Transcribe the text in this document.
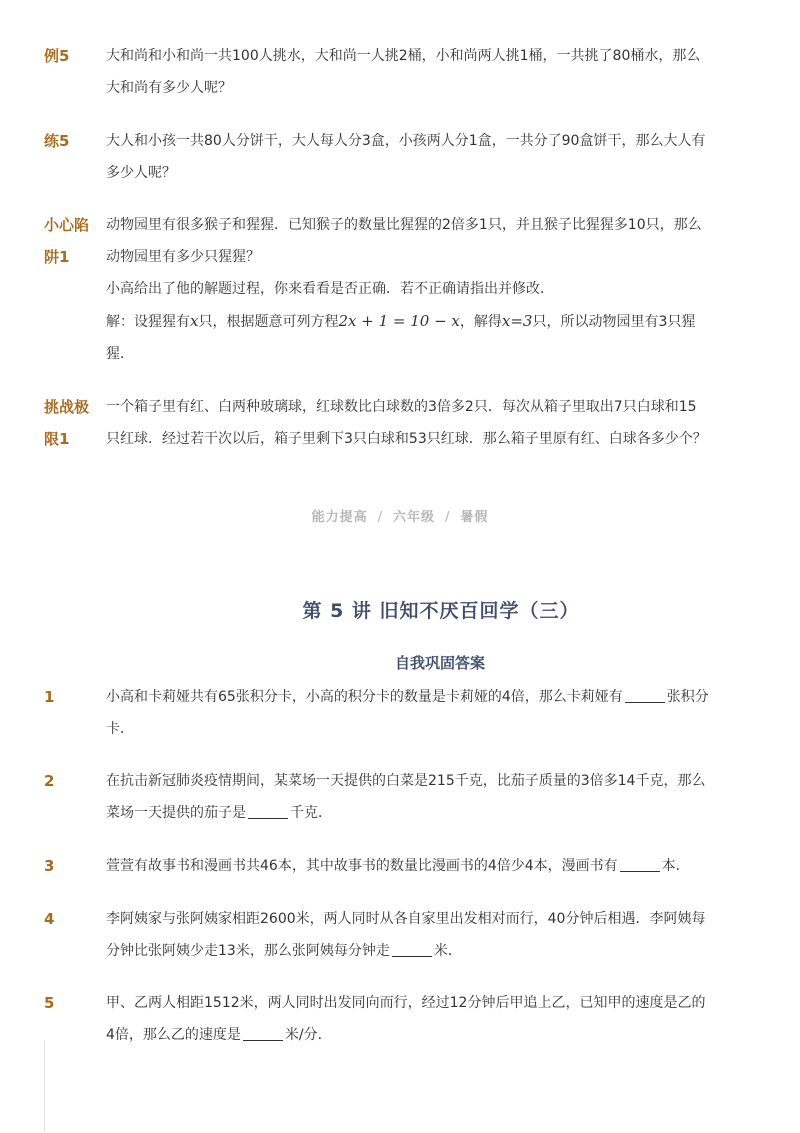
例5	大和尚和小和尚一共100人挑水，大和尚一人挑2桶，小和尚两人挑1桶，一共挑了80桶水，那么

大和尚有多少人呢？

练5	大人和小孩一共80人分饼干，大人每人分3盒，小孩两人分1盒，一共分了90盒饼干，那么大人有

多少人呢？

小心陷
阱1

动物园里有很多猴子和猩猩．已知猴子的数量比猩猩的2倍多1只，并且猴子比猩猩多10只，那么

动物园里有多少只猩猩？

小高给出了他的解题过程，你来看看是否正确．若不正确请指出并修改．

解：设猩猩有x只，根据题意可列方程2x + 1 = 10 − x，解得x=3只，所以动物园里有3只猩

猩．

挑战极
限1

一个箱子里有红、白两种玻璃球，红球数比白球数的3倍多2只．每次从箱子里取出7只白球和15

只红球．经过若干次以后，箱子里剩下3只白球和53只红球．那么箱子里原有红、白球各多少个？

能力提高 / 六年级 / 暑假
第 5 讲 旧知不厌百回学（三）
自我巩固答案
1	小高和卡莉娅共有65张积分卡，小高的积分卡的数量是卡莉娅的4倍，那么卡莉娅有	张积分

卡．

2	在抗击新冠肺炎疫情期间，某菜场一天提供的白菜是215千克，比茄子质量的3倍多14千克，那么

菜场一天提供的茄子是	千克．

3	萱萱有故事书和漫画书共46本，其中故事书的数量比漫画书的4倍少4本，漫画书有	本．

4	李阿姨家与张阿姨家相距2600米，两人同时从各自家里出发相对而行，40分钟后相遇．李阿姨每

分钟比张阿姨少走13米，那么张阿姨每分钟走	米．

5	甲、乙两人相距1512米，两人同时出发同向而行，经过12分钟后甲追上乙，已知甲的速度是乙的

4倍，那么乙的速度是	米/分．
